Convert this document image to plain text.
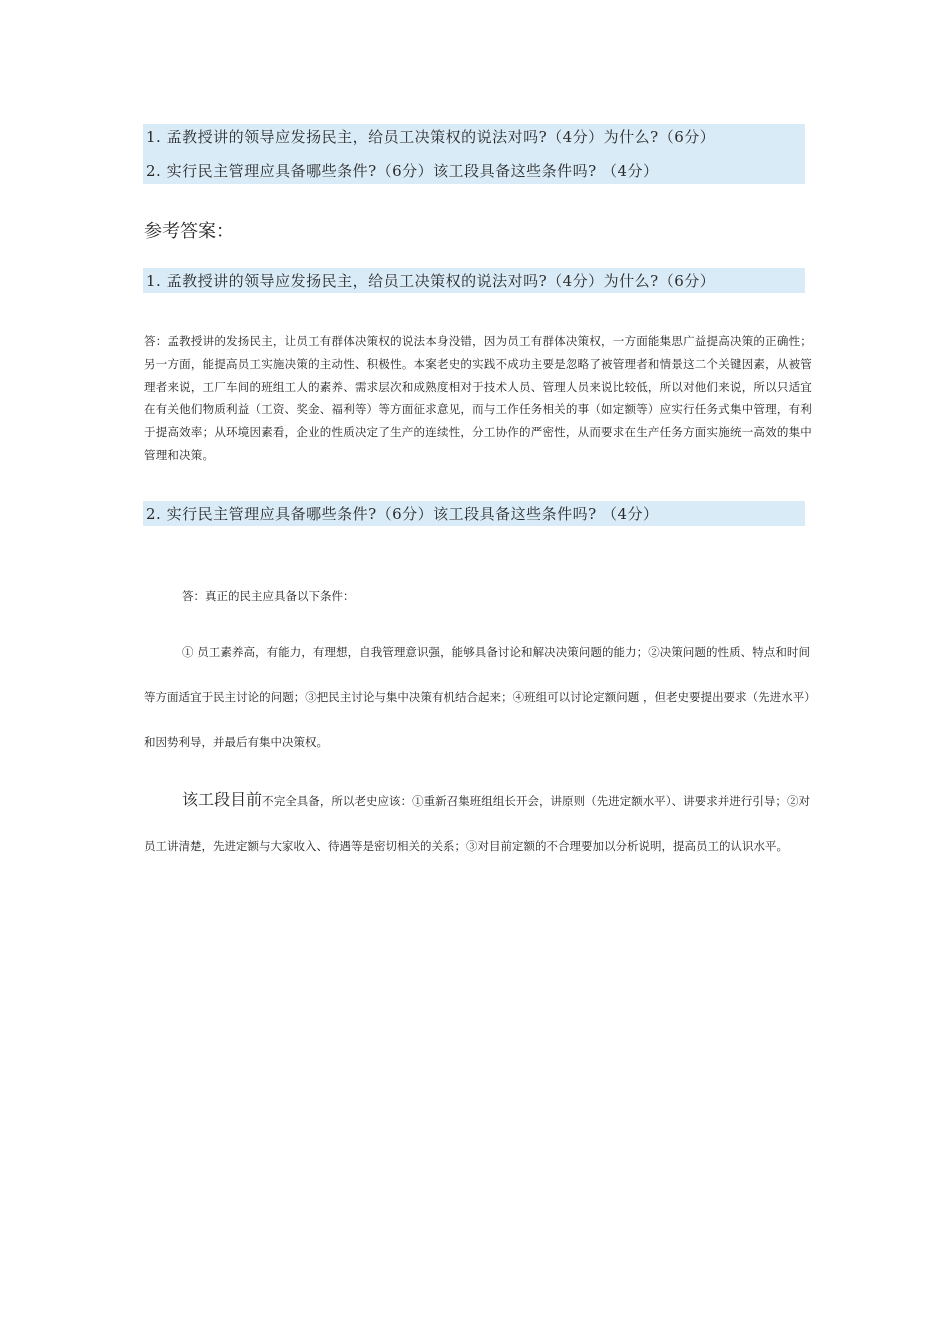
1. 孟教授讲的领导应发扬民主，给员工决策权的说法对吗?（4分）为什么?（6分）
2. 实行民主管理应具备哪些条件?（6分）该工段具备这些条件吗? （4分）
参考答案：
1. 孟教授讲的领导应发扬民主，给员工决策权的说法对吗?（4分）为什么?（6分）
答：孟教授讲的发扬民主，让员工有群体决策权的说法本身没错，因为员工有群体决策权，一方面能集思广益提高决策的正确性；另一方面，能提高员工实施决策的主动性、积极性。本案老史的实践不成功主要是忽略了被管理者和情景这二个关键因素，从被管理者来说，工厂车间的班组工人的素养、需求层次和成熟度相对于技术人员、管理人员来说比较低，所以对他们来说，所以只适宜在有关他们物质利益（工资、奖金、福利等）等方面征求意见，而与工作任务相关的事（如定额等）应实行任务式集中管理，有利于提高效率；从环境因素看，企业的性质决定了生产的连续性，分工协作的严密性，从而要求在生产任务方面实施统一高效的集中管理和决策。
2. 实行民主管理应具备哪些条件?（6分）该工段具备这些条件吗? （4分）
答：真正的民主应具备以下条件：
① 员工素养高，有能力，有理想，自我管理意识强，能够具备讨论和解决决策问题的能力；②决策问题的性质、特点和时间等方面适宜于民主讨论的问题；③把民主讨论与集中决策有机结合起来；④班组可以讨论定额问题 ，但老史要提出要求（先进水平）和因势利导，并最后有集中决策权。
该工段目前不完全具备，所以老史应该：①重新召集班组组长开会，讲原则（先进定额水平）、讲要求并进行引导；②对员工讲清楚，先进定额与大家收入、待遇等是密切相关的关系；③对目前定额的不合理要加以分析说明，提高员工的认识水平。
